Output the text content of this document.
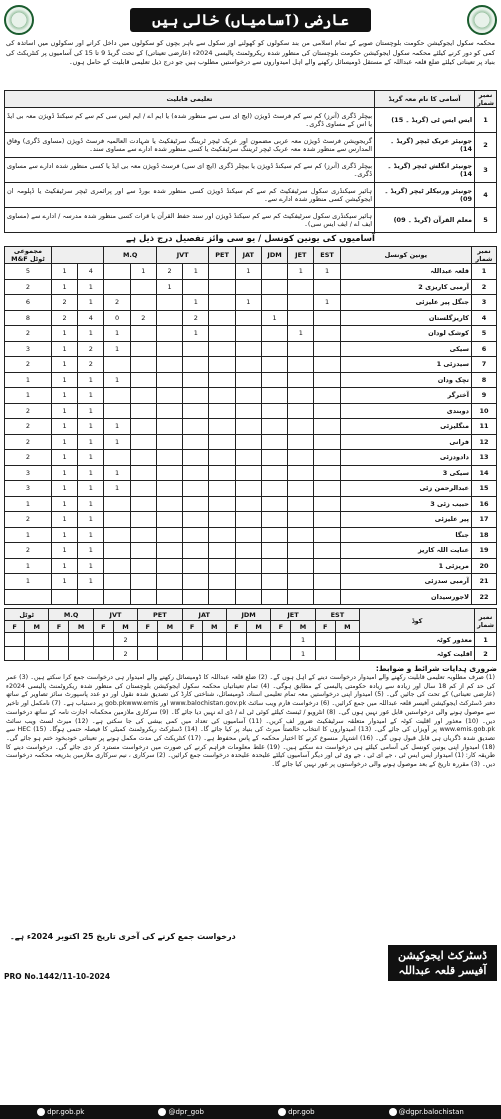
عارضی (آسامیاں) خالی ہیں
محکمہ سکول ایجوکیشن حکومت بلوچستان صوبے کے تمام اسلامی من بند سکولوں کو کھولنے اور سکول سے باہر بچوں کو سکولوں میں داخل کرانے اور سکولوں میں اساتذہ کی کمی کو دور کرنے کیلئے محکمہ سکول ایجوکیشن حکومت بلوچستان کی منظور شدہ ریکروٹمنٹ پالیسی 2024ء (عارضی تعیناتی) کے تحت گریڈ 9 تا 15 کی آسامیوں پر کنٹریکٹ کی بنیاد پر تعیناتی کیلئے ضلع قلعہ عبداللہ کے مستقل ڈومیسائل رکھنے والے اہل امیدواروں سے درخواستیں مطلوب ہیں جو درج ذیل تعلیمی قابلیت کے حامل ہوں۔
نمبر شمار	آسامی کا نام معہ گریڈ	تعلیمی قابلیت
1	ایس ایس ٹی (گریڈ ۔ 15)	بیچلر ڈگری (آنرز) کم سے کم فرسٹ ڈویژن (ایچ ای سی سے منظور شدہ) یا ایم اے / ایم ایس سی کم سے کم سیکنڈ ڈویژن معہ بی ایڈ یا اس کے مساوی ڈگری۔
2	جونیئر عربک ٹیچر (گریڈ ۔ 14)	گریجویشن فرسٹ ڈویژن معہ عربی مضمون اور عربک ٹیچر ٹریننگ سرٹیفکیٹ یا شہادت العالمیہ فرسٹ ڈویژن (مساوی ڈگری) وفاق المدارس سے منظور شدہ معہ عربک ٹیچر ٹریننگ سرٹیفکیٹ یا کسی منظور شدہ ادارے سے مساوی سند۔
3	جونیئر انگلش ٹیچر (گریڈ ۔ 14)	بیچلر ڈگری (آنرز) کم سے کم سیکنڈ ڈویژن یا بیچلر ڈگری (ایچ ای سی) فرسٹ ڈویژن معہ بی ایڈ یا کسی منظور شدہ ادارے سے مساوی ڈگری۔
4	جونیئر ورنیکلر ٹیچر (گریڈ ۔ 09)	ہائیر سیکنڈری سکول سرٹیفکیٹ کم سے کم سیکنڈ ڈویژن کسی منظور شدہ بورڈ سے اور پرائمری ٹیچر سرٹیفکیٹ یا ڈپلومہ ان ایجوکیشن کسی منظور شدہ ادارے سے۔
5	معلم القرآن (گریڈ ۔ 09)	ہائیر سیکنڈری سکول سرٹیفکیٹ کم سے کم سیکنڈ ڈویژن اور سند حفظ القرآن یا قرات کسی منظور شدہ مدرسہ / ادارے سے (مساوی ایف اے / ایف ایس سی)۔
آسامیوں کی یونین کونسل / یو سی وائز تفصیل درج ذیل ہے
نمبر شمار	یونین کونسل	EST	JET	JDM	JAT	PET	JVT		M.Q				مجموعی ٹوٹل M&F
1	قلعہ عبداللہ	1	1		1		1	2	1		4	1	5
2	آرمبی کاریزی 2							1			1	1	2
3	جنگل پیر علیزئی	1			1		1			2	1	2	6
4	کاریزگلستان			1			2		2	0	4	2	8
5	کوشک لودان		1				1			1	1	1	2
6	سیکی									1	2	1	3
7	سیدزئی 1										2	1	2
8	تچک ودان									1	1	1	1
9	آخترگر										1	1	1
10	دوبندی										1	1	2
11	منگلیزئی									1	1	1	2
12	فرانی									1	1	1	2
13	دادودزئی										1	1	2
14	سیکی 3									1	1	1	3
15	عبدالرحمن زئی									1	1	1	3
16	حبیب زئی 3										1	1	1
17	پیر علیزئی										1	1	2
18	جنگا										1	1	1
19	عنایت اللہ کاریز										1	1	2
20	مریزئی 1										1	1	1
21	آرمبی سدزئی										1	1	1
22	لاجورسیدان												
نمبر شمار	کوڈ	EST		JET		JDM		JAT		PET		JVT		M.Q		ٹوٹل	
		M	F	M	F	M	F	M	F	M	F	M	F	M	F	M	F
1	معذور کوٹہ			1								2					
2	اقلیت کوٹہ			1								2					
ضروری ہدایات شرائط و ضوابط:
(1) صرف مطلوبہ تعلیمی قابلیت رکھنے والے امیدوار درخواست دینے کے اہل ہوں گے۔ (2) ضلع قلعہ عبداللہ کا ڈومیسائل رکھنے والے امیدوار ہی درخواست جمع کرا سکتے ہیں۔ (3) عمر کی حد کم از کم 18 سال اور زیادہ سے زیادہ حکومتی پالیسی کے مطابق ہوگی۔ (4) تمام تعیناتیاں محکمہ سکول ایجوکیشن بلوچستان کی منظور شدہ ریکروٹمنٹ پالیسی 2024ء (عارضی تعیناتی) کے تحت کی جائیں گی۔ (5) امیدوار اپنی درخواستیں معہ تمام تعلیمی اسناد، ڈومیسائل، شناختی کارڈ کی تصدیق شدہ نقول اور دو عدد پاسپورٹ سائز تصاویر کے ساتھ دفتر ڈسٹرکٹ ایجوکیشن آفیسر قلعہ عبداللہ میں جمع کرائیں۔ (6) درخواست فارم ویب سائٹ www.balochistan.gov.pk اور gob.pkwww.emis پر دستیاب ہے۔ (7) نامکمل اور تاخیر سے موصول ہونے والی درخواستیں قابل غور نہیں ہوں گی۔ (8) انٹرویو / ٹیسٹ کیلئے کوئی ٹی اے / ڈی اے نہیں دیا جائے گا۔ (9) سرکاری ملازمین محکمانہ اجازت نامہ کے ساتھ درخواست دیں۔ (10) معذور اور اقلیت کوٹہ کے امیدوار متعلقہ سرٹیفکیٹ ضرور لف کریں۔ (11) آسامیوں کی تعداد میں کمی بیشی کی جا سکتی ہے۔ (12) میرٹ لسٹ ویب سائٹ www.emis.gob.pk پر آویزاں کی جائے گی۔ (13) امیدواروں کا انتخاب خالصتاً میرٹ کی بنیاد پر کیا جائے گا۔ (14) ڈسٹرکٹ ریکروٹمنٹ کمیٹی کا فیصلہ حتمی ہوگا۔ (15) HEC سے تصدیق شدہ ڈگریاں ہی قابل قبول ہوں گی۔ (16) اشتہار منسوخ کرنے کا اختیار محکمہ کے پاس محفوظ ہے۔ (17) کنٹریکٹ کی مدت مکمل ہونے پر تعیناتی خودبخود ختم ہو جائے گی۔ (18) امیدوار اپنی یونین کونسل کی آسامی کیلئے ہی درخواست دے سکتے ہیں۔ (19) غلط معلومات فراہم کرنے کی صورت میں درخواست مسترد کر دی جائے گی۔ درخواست دینے کا طریقہ کار: (1) امیدوار ایس ایس ٹی ، جے ای ٹی ، جے وی ٹی اور دیگر آسامیوں کیلئے علیحدہ علیحدہ درخواست جمع کرائیں۔ (2) سرکاری ، نیم سرکاری ملازمین بذریعہ محکمہ درخواست دیں۔ (3) مقررہ تاریخ کے بعد موصول ہونے والی درخواستوں پر غور نہیں کیا جائے گا۔
درخواست جمع کرنے کی آخری تاریخ 25 اکتوبر 2024ء ہے۔
PRO No.1442/11-10-2024
ڈسٹرکٹ ایجوکیشن
آفیسر قلعہ عبداللہ
dpr.gob.pk	@dpr_gob	dpr.gob	@dgpr.balochistan
